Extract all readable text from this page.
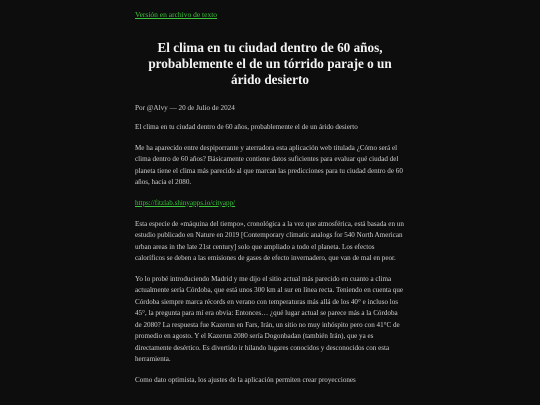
Versión en archivo de texto
El clima en tu ciudad dentro de 60 años, probablemente el de un tórrido paraje o un árido desierto

Por @Alvy — 20 de Julio de 2024

El clima en tu ciudad dentro de 60 años, probablemente el de un árido desierto

Me ha aparecido entre despiporrante y aterradora esta aplicación web titulada ¿Cómo será el clima dentro de 60 años? Básicamente contiene datos suficientes para evaluar qué ciudad del planeta tiene el clima más parecido al que marcan las predicciones para tu ciudad dentro de 60 años, hacia el 2080.

https://fitzlab.shinyapps.io/cityapp/

Esta especie de «máquina del tiempo», cronológica a la vez que atmosférica, está basada en un estudio publicado en Nature en 2019 [Contemporary climatic analogs for 540 North American urban areas in the late 21st century] solo que ampliado a todo el planeta. Los efectos caloríficos se deben a las emisiones de gases de efecto invernadero, que van de mal en peor.

Yo lo probé introduciendo Madrid y me dijo el sitio actual más parecido en cuanto a clima actualmente sería Córdoba, que está unos 300 km al sur en línea recta. Teniendo en cuenta que Córdoba siempre marca récords en verano con temperaturas más allá de los 40° e incluso los 45°, la pregunta para mí era obvia: Entonces… ¿qué lugar actual se parece más a la Córdoba de 2080? La respuesta fue Kazerun en Fars, Irán, un sitio no muy inhóspito pero con 41°C de promedio en agosto. Y el Kazerun 2080 sería Dogonbadan (también Irán), que ya es directamente desértico. Es divertido ir hilando lugares conocidos y desconocidos con esta herramienta.

Como dato optimista, los ajustes de la aplicación permiten crear proyecciones
